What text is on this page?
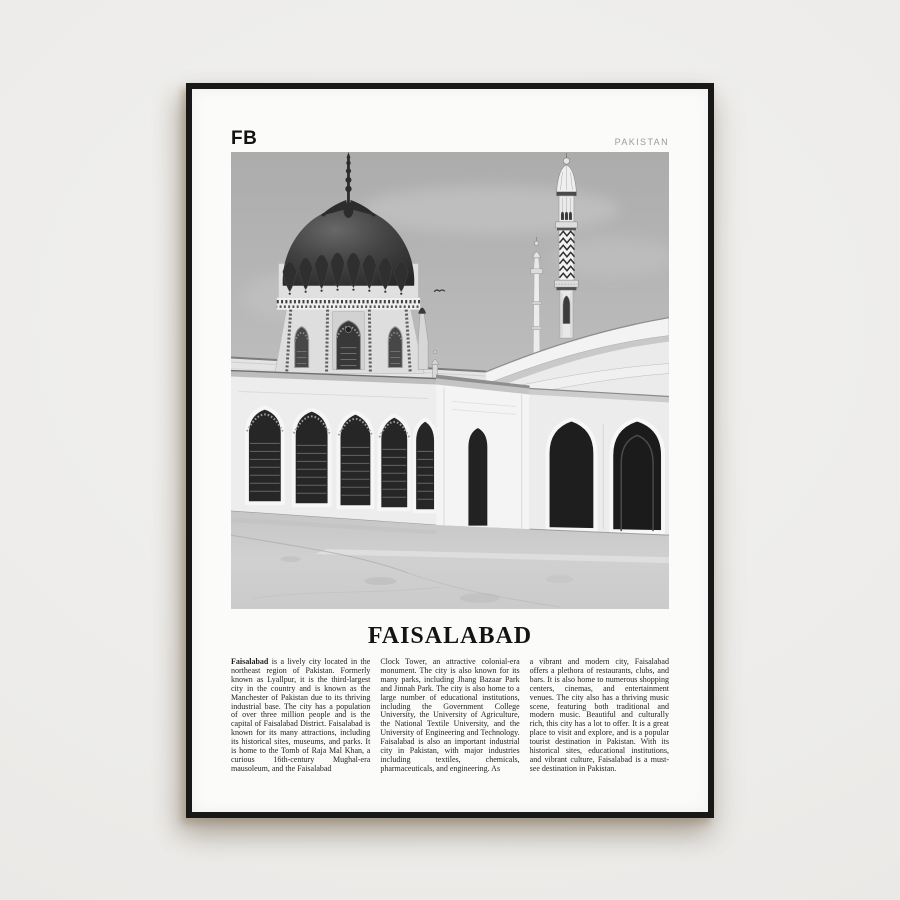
FB	PAKISTAN
FAISALABAD

Faisalabad is a lively city located in the northeast region of Pakistan. Formerly known as Lyallpur, it is the third-largest city in the country and is known as the Manchester of Pakistan due to its thriving industrial base. The city has a population of over three million people and is the capital of Faisalabad District. Faisalabad is known for its many attractions, including its historical sites, museums, and parks. It is home to the Tomb of Raja Mal Khan, a curious 16th-century Mughal-era mausoleum, and the Faisalabad

Clock Tower, an attractive colonial-era monument. The city is also known for its many parks, including Jhang Bazaar Park and Jinnah Park. The city is also home to a large number of educational institutions, including the Government College University, the University of Agriculture, the National Textile University, and the University of Engineering and Technology. Faisalabad is also an important industrial city in Pakistan, with major industries including textiles, chemicals, pharmaceuticals, and engineering. As

a vibrant and modern city, Faisalabad offers a plethora of restaurants, clubs, and bars. It is also home to numerous shopping centers, cinemas, and entertainment venues. The city also has a thriving music scene, featuring both traditional and modern music. Beautiful and culturally rich, this city has a lot to offer. It is a great place to visit and explore, and is a popular tourist destination in Pakistan. With its historical sites, educational institutions, and vibrant culture, Faisalabad is a must-see destination in Pakistan.
